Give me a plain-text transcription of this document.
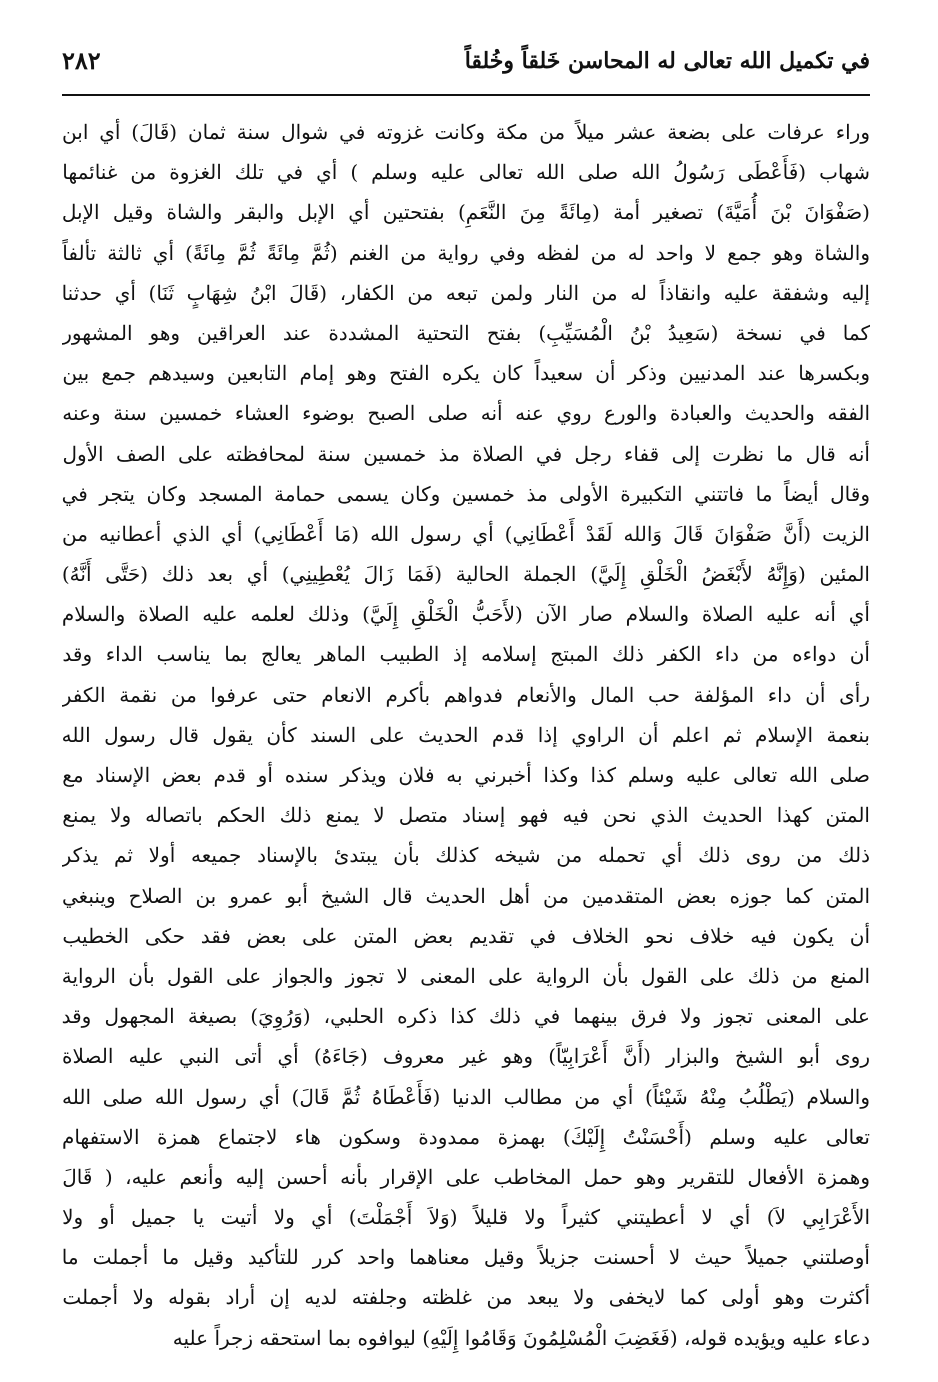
في تكميل الله تعالى له المحاسن خَلقاً وخُلقاً
٢٨٢
وراء عرفات على بضعة عشر ميلاً من مكة وكانت غزوته في شوال سنة ثمان (قَالَ) أي ابن
شهاب (فَأَعْطَى رَسُولُ الله صلى الله تعالى عليه وسلم ) أي في تلك الغزوة من غنائمها
(صَفْوَانَ بْنَ أُمَيَّةَ) تصغير أمة (مِائَةً مِنَ النَّعَمِ) بفتحتين أي الإبل والبقر والشاة وقيل الإبل
والشاة وهو جمع لا واحد له من لفظه وفي رواية من الغنم (ثُمَّ مِائَةً ثُمَّ مِائَةً) أي ثالثة تألفاً
إليه وشفقة عليه وانقاذاً له من النار ولمن تبعه من الكفار، (قَالَ ابْنُ شِهَابٍ ثَنَا) أي حدثنا
كما في نسخة (سَعِيدُ بْنُ الْمُسَيِّبِ) بفتح التحتية المشددة عند العراقين وهو المشهور
وبكسرها عند المدنيين وذكر أن سعيداً كان يكره الفتح وهو إمام التابعين وسيدهم جمع بين
الفقه والحديث والعبادة والورع روي عنه أنه صلى الصبح بوضوء العشاء خمسين سنة وعنه
أنه قال ما نظرت إلى قفاء رجل في الصلاة مذ خمسين سنة لمحافظته على الصف الأول
وقال أيضاً ما فاتتني التكبيرة الأولى مذ خمسين وكان يسمى حمامة المسجد وكان يتجر في
الزيت (أَنَّ صَفْوَانَ قَالَ وَالله لَقَدْ أَعْطَانِي) أي رسول الله (مَا أَعْطَانِي) أي الذي أعطانيه من
المئين (وَإِنَّهُ لأَبْغَضُ الْخَلْقِ إِلَيَّ) الجملة الحالية (فَمَا زَالَ يُعْطِينِي) أي بعد ذلك (حَتَّى أَنَّهُ)
أي أنه عليه الصلاة والسلام صار الآن (لأَحَبُّ الْخَلْقِ إِلَيَّ) وذلك لعلمه عليه الصلاة والسلام
أن دواءه من داء الكفر ذلك المبتج إسلامه إذ الطبيب الماهر يعالج بما يناسب الداء وقد
رأى أن داء المؤلفة حب المال والأنعام فدواهم بأكرم الانعام حتى عرفوا من نقمة الكفر
بنعمة الإسلام ثم اعلم أن الراوي إذا قدم الحديث على السند كأن يقول قال رسول الله
صلى الله تعالى عليه وسلم كذا وكذا أخبرني به فلان ويذكر سنده أو قدم بعض الإسناد مع
المتن كهذا الحديث الذي نحن فيه فهو إسناد متصل لا يمنع ذلك الحكم باتصاله ولا يمنع
ذلك من روى ذلك أي تحمله من شيخه كذلك بأن يبتدئ بالإسناد جميعه أولا ثم يذكر
المتن كما جوزه بعض المتقدمين من أهل الحديث قال الشيخ أبو عمرو بن الصلاح وينبغي
أن يكون فيه خلاف نحو الخلاف في تقديم بعض المتن على بعض فقد حكى الخطيب
المنع من ذلك على القول بأن الرواية على المعنى لا تجوز والجواز على القول بأن الرواية
على المعنى تجوز ولا فرق بينهما في ذلك كذا ذكره الحلبي، (وَرُوِيَ) بصيغة المجهول وقد
روى أبو الشيخ والبزار (أَنَّ أَعْرَابِيّاً) وهو غير معروف (جَاءَهُ) أي أتى النبي عليه الصلاة
والسلام (يَطْلُبُ مِنْهُ شَيْئاً) أي من مطالب الدنيا (فَأَعْطَاهُ ثُمَّ قَالَ) أي رسول الله صلى الله
تعالى عليه وسلم (أَحْسَنْتُ إِلَيْكَ) بهمزة ممدودة وسكون هاء لاجتماع همزة الاستفهام
وهمزة الأفعال للتقرير وهو حمل المخاطب على الإقرار بأنه أحسن إليه وأنعم عليه، ( قَالَ
الأَعْرَابِي لاَ) أي لا أعطيتني كثيراً ولا قليلاً (وَلاَ أَجْمَلْتَ) أي ولا أتيت يا جميل أو ولا
أوصلتني جميلاً حيث لا أحسنت جزيلاً وقيل معناهما واحد كرر للتأكيد وقيل ما أجملت ما
أكثرت وهو أولى كما لايخفى ولا يبعد من غلظته وجلفته لديه إن أراد بقوله ولا أجملت
دعاء عليه ويؤيده قوله، (فَغَضِبَ الْمُسْلِمُونَ وَقَامُوا إِلَيْهِ) ليوافوه بما استحقه زجراً عليه
